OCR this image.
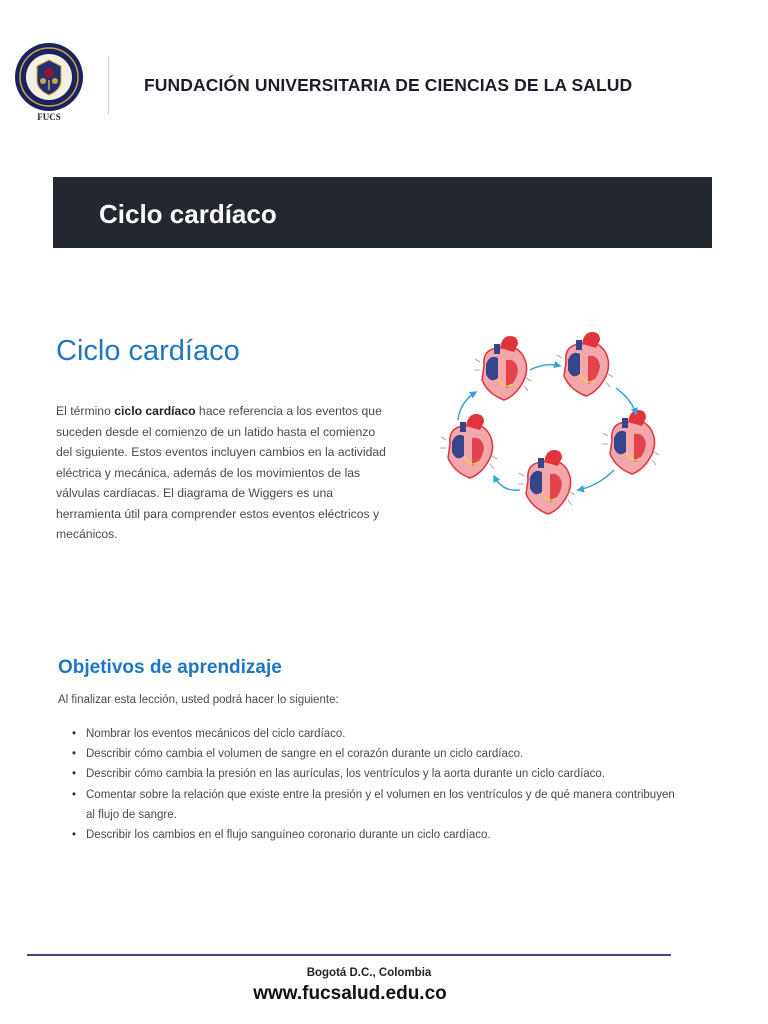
FUCS
FUNDACIÓN UNIVERSITARIA DE CIENCIAS DE LA SALUD
Ciclo cardíaco
Ciclo cardíaco
El término ciclo cardíaco hace referencia a los eventos que suceden desde el comienzo de un latido hasta el comienzo del siguiente. Estos eventos incluyen cambios en la actividad eléctrica y mecánica, además de los movimientos de las válvulas cardíacas. El diagrama de Wiggers es una herramienta útil para comprender estos eventos eléctricos y mecánicos.
Objetivos de aprendizaje
Al finalizar esta lección, usted podrá hacer lo siguiente:
• Nombrar los eventos mecánicos del ciclo cardíaco.
• Describir cómo cambia el volumen de sangre en el corazón durante un ciclo cardíaco.
• Describir cómo cambia la presión en las aurículas, los ventrículos y la aorta durante un ciclo cardíaco.
• Comentar sobre la relación que existe entre la presión y el volumen en los ventrículos y de qué manera contribuyen al flujo de sangre.
• Describir los cambios en el flujo sanguíneo coronario durante un ciclo cardíaco.
Bogotá D.C., Colombia
www.fucsalud.edu.co
